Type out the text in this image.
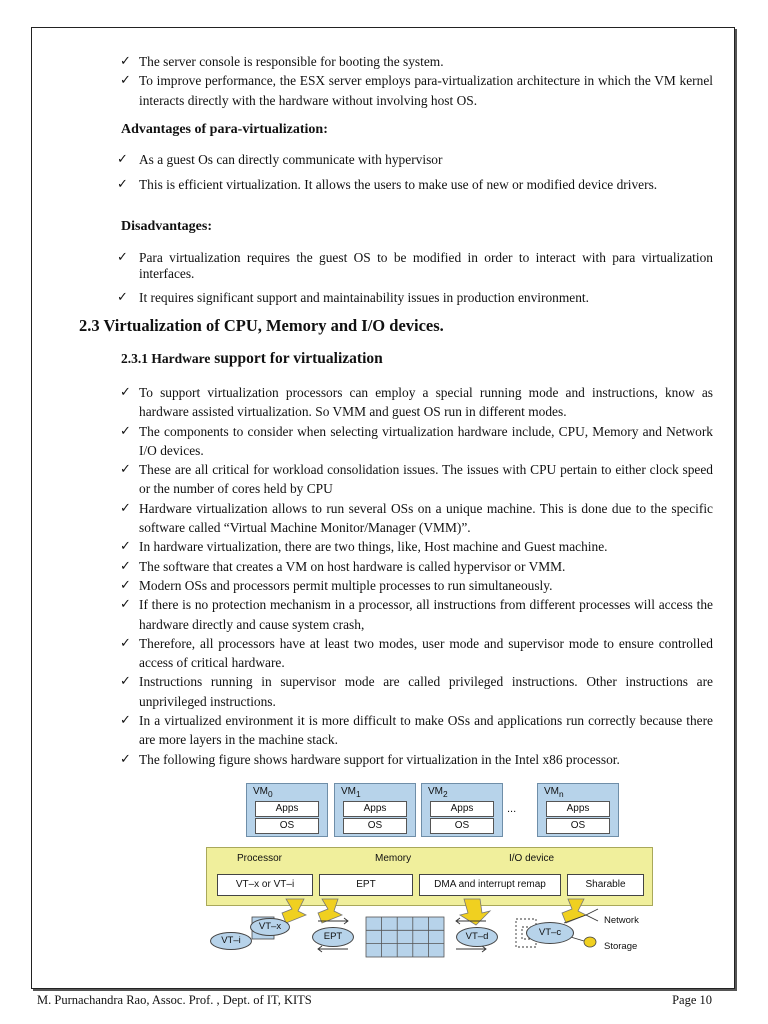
✓ The server console is responsible for booting the system.
✓ To improve performance, the ESX server employs para-virtualization architecture in which the VM kernel interacts directly with the hardware without involving host OS.
Advantages of para-virtualization:
✓ As a guest Os can directly communicate with hypervisor
✓ This is efficient virtualization. It allows the users to make use of new or modified device drivers.
Disadvantages:
✓ Para virtualization requires the guest OS to be modified in order to interact with para virtualization interfaces.
✓ It requires significant support and maintainability issues in production environment.
2.3 Virtualization of CPU, Memory and I/O devices.
2.3.1 Hardware support for virtualization
✓ To support virtualization processors can employ a special running mode and instructions, know as hardware assisted virtualization. So VMM and guest OS run in different modes.
✓ The components to consider when selecting virtualization hardware include, CPU, Memory and Network I/O devices.
✓ These are all critical for workload consolidation issues. The issues with CPU pertain to either clock speed or the number of cores held by CPU
✓ Hardware virtualization allows to run several OSs on a unique machine. This is done due to the specific software called “Virtual Machine Monitor/Manager (VMM)”.
✓ In hardware virtualization, there are two things, like, Host machine and Guest machine.
✓ The software that creates a VM on host hardware is called hypervisor or VMM.
✓ Modern OSs and processors permit multiple processes to run simultaneously.
✓ If there is no protection mechanism in a processor, all instructions from different processes will access the hardware directly and cause system crash,
✓ Therefore, all processors have at least two modes, user mode and supervisor mode to ensure controlled access of critical hardware.
✓ Instructions running in supervisor mode are called privileged instructions. Other instructions are unprivileged instructions.
✓ In a virtualized environment it is more difficult to make OSs and applications run correctly because there are more layers in the machine stack.
✓ The following figure shows hardware support for virtualization in the Intel x86 processor.
$VM_0$
Apps
OS
$VM_1$
Apps
OS
$VM_2$
Apps
OS
...
$VM_n$
Apps
OS
Processor	Memory	I/O device
VT–x or VT–i	EPT	DMA and interrupt remap	Sharable
VT–x
VT–i	EPT	VT–d	VT–c
Network
Storage
M. Purnachandra Rao, Assoc. Prof. , Dept. of IT, KITS	Page 10
